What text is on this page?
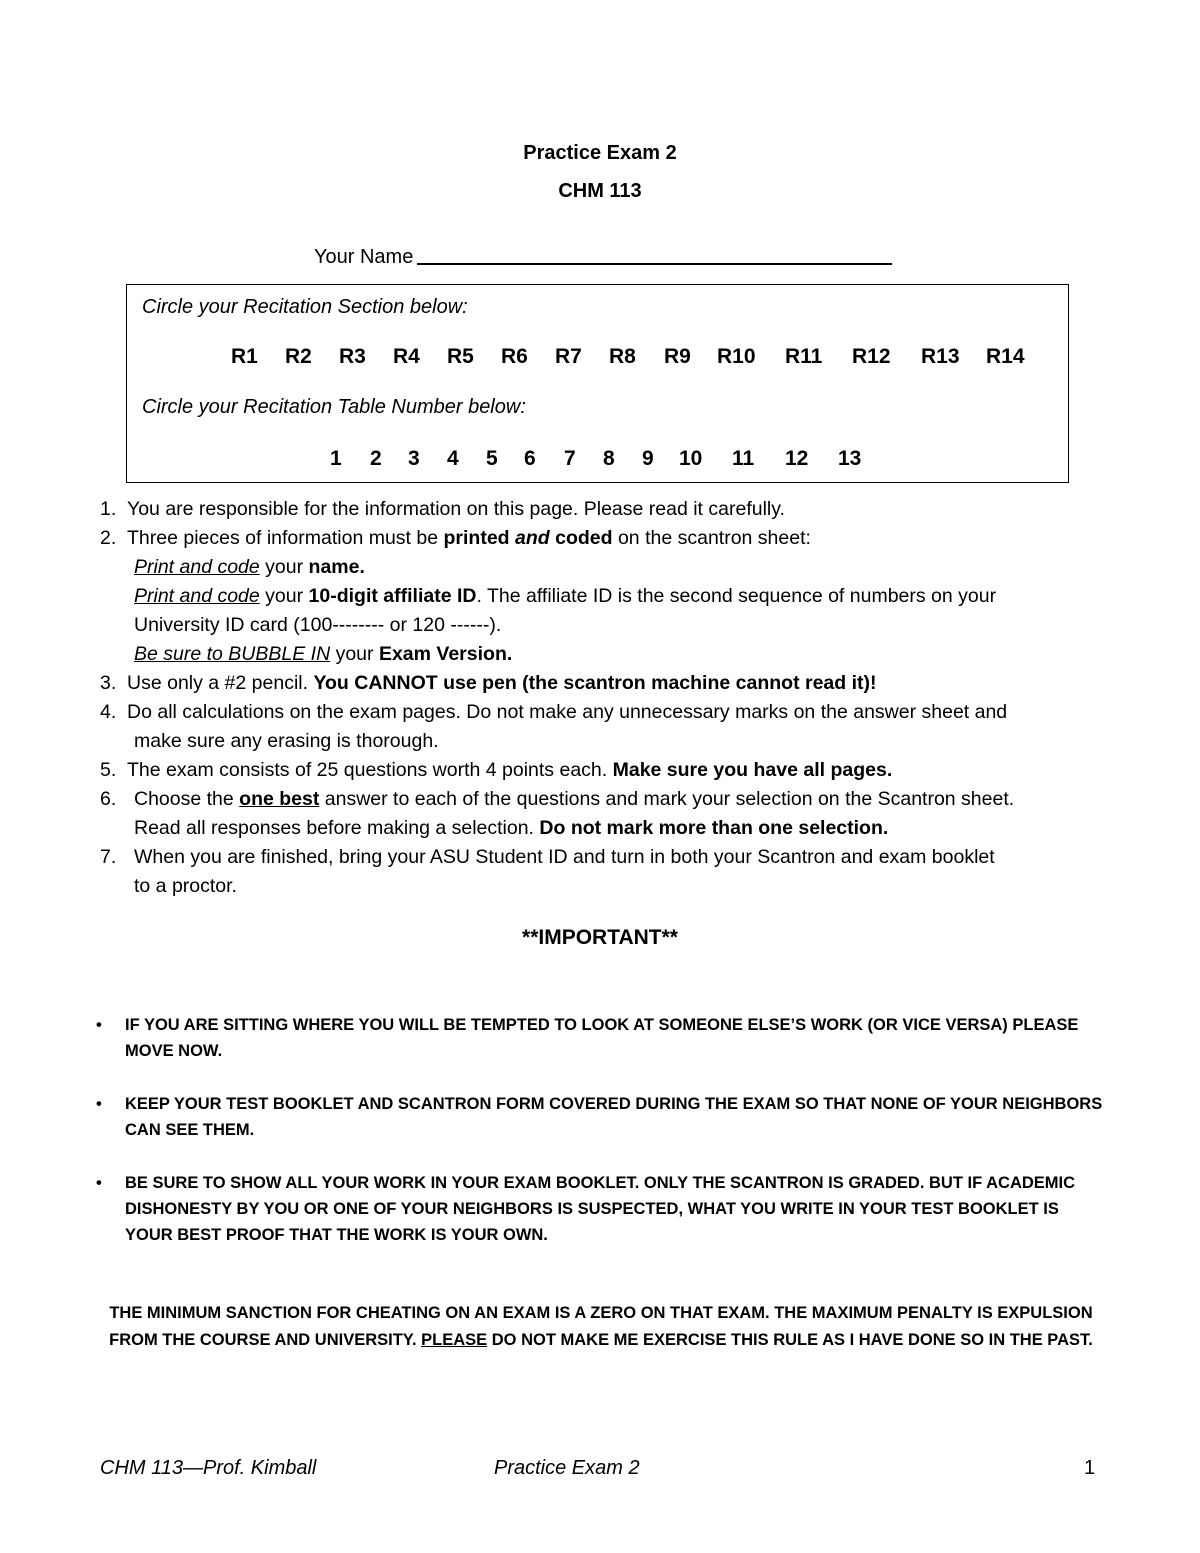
Practice Exam 2
CHM 113
Your Name
Circle your Recitation Section below:
R1 R2 R3 R4 R5 R6 R7 R8 R9 R10 R11 R12 R13 R14
Circle your Recitation Table Number below:
1 2 3 4 5 6 7 8 9 10 11 12 13
1. You are responsible for the information on this page. Please read it carefully.
2. Three pieces of information must be printed and coded on the scantron sheet:
Print and code your name.
Print and code your 10-digit affiliate ID. The affiliate ID is the second sequence of numbers on your
University ID card (100-------- or 120 ------).
Be sure to BUBBLE IN your Exam Version.
3. Use only a #2 pencil. You CANNOT use pen (the scantron machine cannot read it)!
4. Do all calculations on the exam pages. Do not make any unnecessary marks on the answer sheet and
make sure any erasing is thorough.
5. The exam consists of 25 questions worth 4 points each. Make sure you have all pages.
6. Choose the one best answer to each of the questions and mark your selection on the Scantron sheet.
Read all responses before making a selection. Do not mark more than one selection.
7. When you are finished, bring your ASU Student ID and turn in both your Scantron and exam booklet
to a proctor.
**IMPORTANT**
• IF YOU ARE SITTING WHERE YOU WILL BE TEMPTED TO LOOK AT SOMEONE ELSE’S WORK (OR VICE VERSA) PLEASE MOVE NOW.
• KEEP YOUR TEST BOOKLET AND SCANTRON FORM COVERED DURING THE EXAM SO THAT NONE OF YOUR NEIGHBORS CAN SEE THEM.
• BE SURE TO SHOW ALL YOUR WORK IN YOUR EXAM BOOKLET. ONLY THE SCANTRON IS GRADED. BUT IF ACADEMIC DISHONESTY BY YOU OR ONE OF YOUR NEIGHBORS IS SUSPECTED, WHAT YOU WRITE IN YOUR TEST BOOKLET IS YOUR BEST PROOF THAT THE WORK IS YOUR OWN.
THE MINIMUM SANCTION FOR CHEATING ON AN EXAM IS A ZERO ON THAT EXAM. THE MAXIMUM PENALTY IS EXPULSION FROM THE COURSE AND UNIVERSITY. PLEASE DO NOT MAKE ME EXERCISE THIS RULE AS I HAVE DONE SO IN THE PAST.
CHM 113—Prof. Kimball	Practice Exam 2	1
